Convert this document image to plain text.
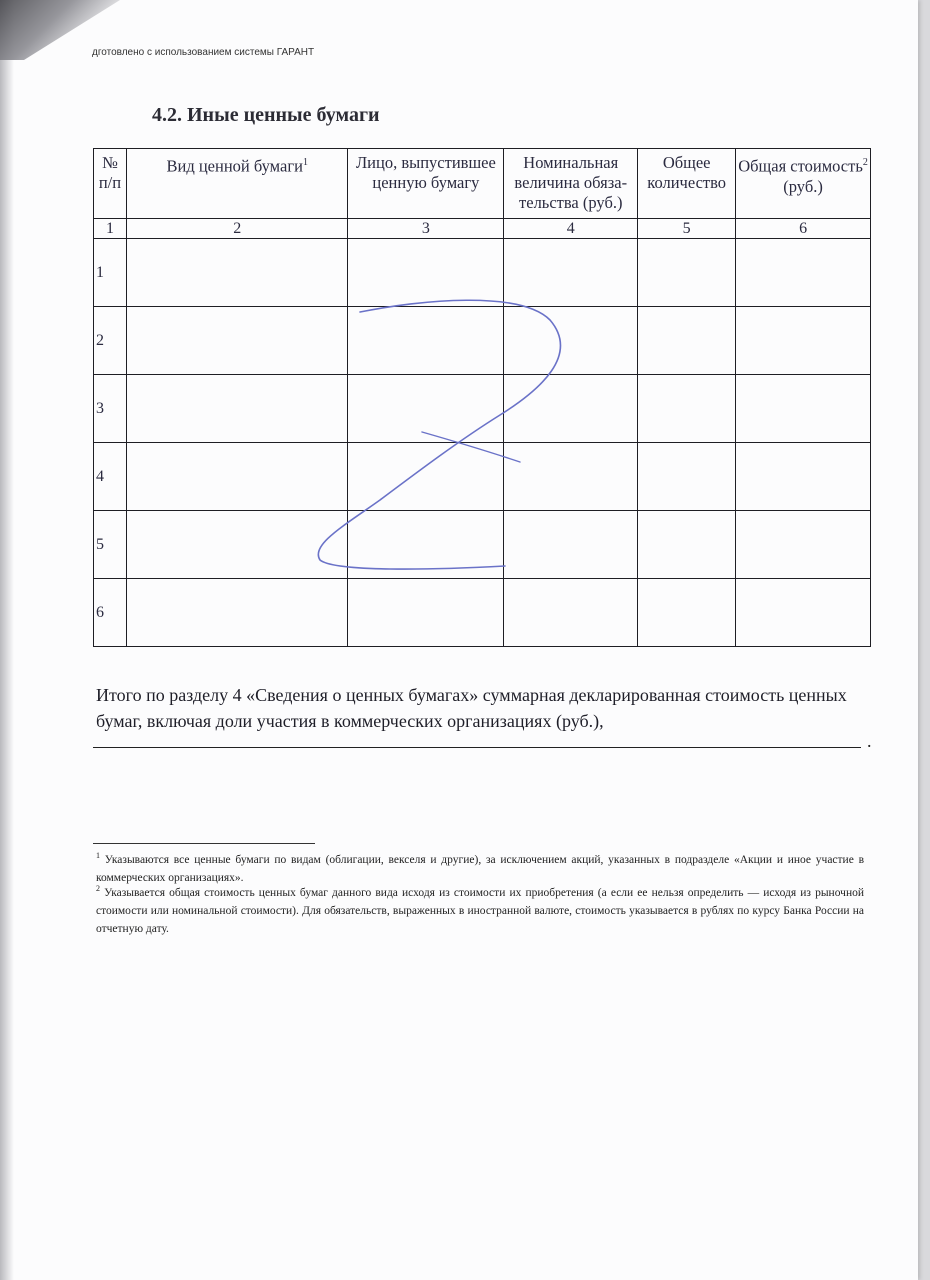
дготовлено с использованием системы ГАРАНТ
4.2. Иные ценные бумаги
№ п/п	Вид ценной бумаги$^1$	Лицо, выпустившее ценную бумагу	Номинальная величина обяза-тельства (руб.)	Общее количество	Общая стоимость$^2$
(руб.)
1	2	3	4	5	6
1					
2					
3					
4					
5					
6					
Итого по разделу 4 «Сведения о ценных бумагах» суммарная декларированная стоимость ценных бумаг, включая доли участия в коммерческих организациях (руб.),
.
$^1$ Указываются все ценные бумаги по видам (облигации, векселя и другие), за исключением акций, указанных в подразделе «Акции и иное участие в коммерческих организациях».
$^2$ Указывается общая стоимость ценных бумаг данного вида исходя из стоимости их приобретения (а если ее нельзя определить — исходя из рыночной стоимости или номинальной стоимости). Для обязательств, выраженных в иностранной валюте, стоимость указывается в рублях по курсу Банка России на отчетную дату.
